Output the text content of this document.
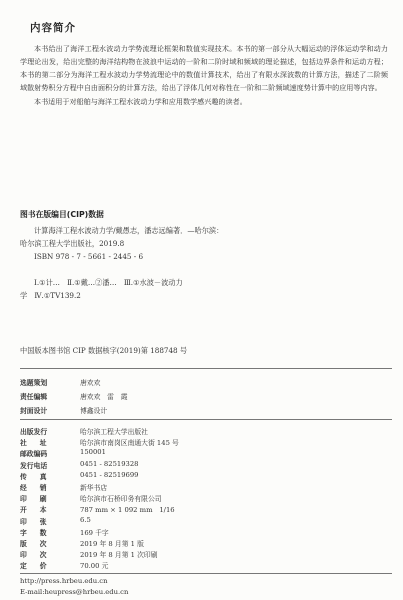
内容简介

本书给出了海洋工程水波动力学势流理论框架和数值实现技术。本书的第一部分从大幅运动的浮体运动学和动力学理论出发，给出完整的海洋结构物在波浪中运动的一阶和二阶时域和频域的理论描述，包括边界条件和运动方程；本书的第二部分为海洋工程水波动力学势流理论中的数值计算技术，给出了有限水深波数的计算方法，描述了二阶频域散射势积分方程中自由面积分的计算方法，给出了浮体几何对称性在一阶和二阶频域速度势计算中的应用等内容。

本书适用于对船舶与海洋工程水波动力学和应用数学感兴趣的读者。

图书在版编目(CIP)数据
计算海洋工程水波动力学/戴愚志，潘志远编著．—哈尔滨：
哈尔滨工程大学出版社，2019.8
ISBN 978 - 7 - 5661 - 2445 - 6
Ⅰ.①计…　Ⅱ.①戴…②潘…　Ⅲ.①水波－波动力
学　Ⅳ.①TV139.2
中国版本图书馆 CIP 数据核字(2019)第 188748 号
选题策划	唐欢欢
责任编辑	唐欢欢　雷　霞
封面设计	博鑫设计
出版发行	哈尔滨工程大学出版社
社址	哈尔滨市南岗区南通大街 145 号
邮政编码	150001
发行电话	0451 - 82519328
传真	0451 - 82519699
经销	新华书店
印刷	哈尔滨市石桥印务有限公司
开本	787 mm × 1 092 mm　1/16
印张	6.5
字数	169 千字
版次	2019 年 8 月第 1 版
印次	2019 年 8 月第 1 次印刷
定价	70.00 元
http://press.hrbeu.edu.cn
E-mail:heupress@hrbeu.edu.cn
